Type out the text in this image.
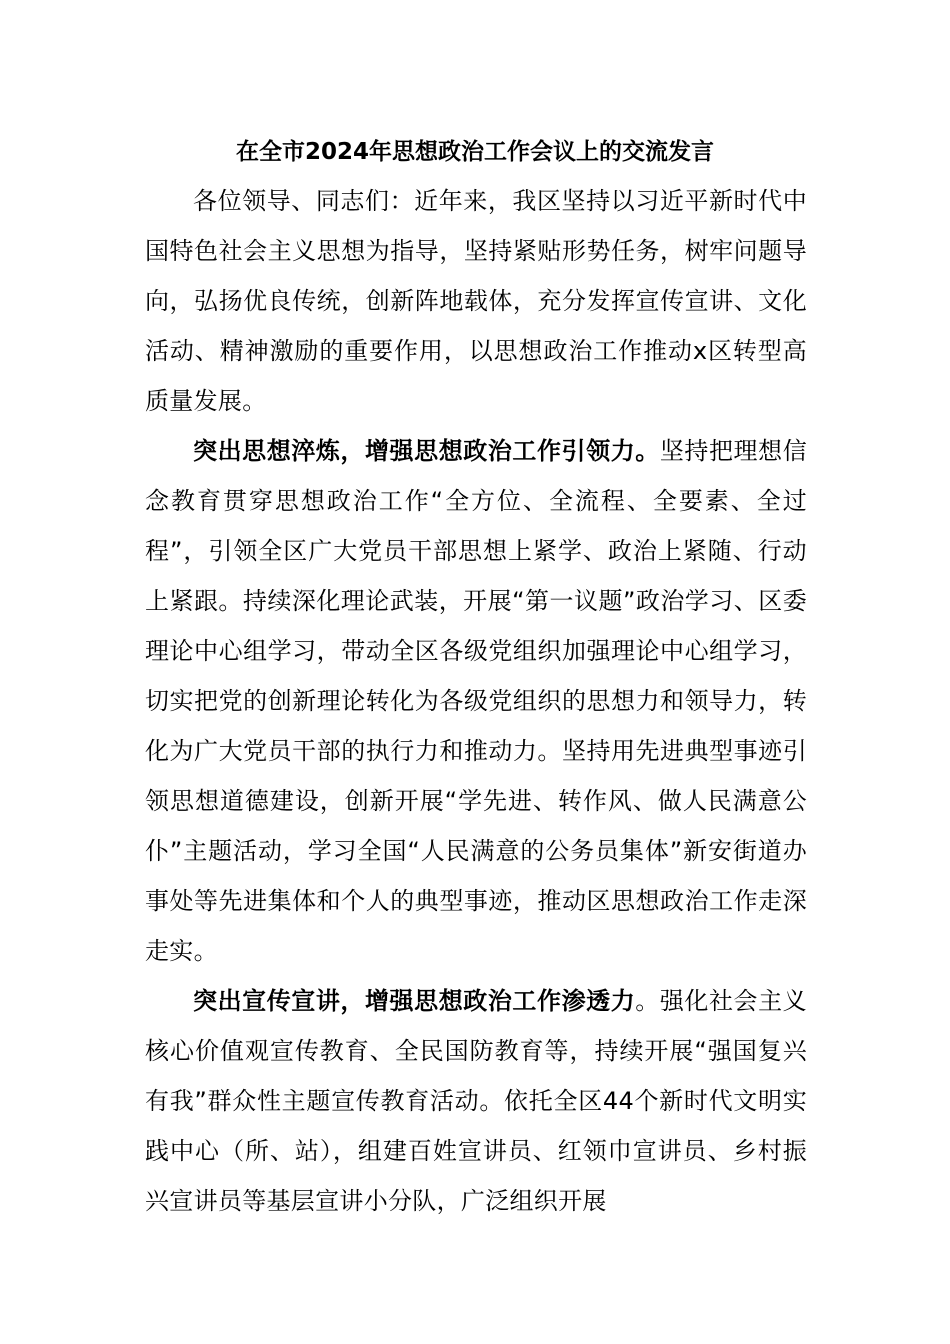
在全市2024年思想政治工作会议上的交流发言

各位领导、同志们：近年来，我区坚持以习近平新时代中国特色社会主义思想为指导，坚持紧贴形势任务，树牢问题导向，弘扬优良传统，创新阵地载体，充分发挥宣传宣讲、文化活动、精神激励的重要作用，以思想政治工作推动x区转型高质量发展。

突出思想淬炼，增强思想政治工作引领力。坚持把理想信念教育贯穿思想政治工作“全方位、全流程、全要素、全过程”，引领全区广大党员干部思想上紧学、政治上紧随、行动上紧跟。持续深化理论武装，开展“第一议题”政治学习、区委理论中心组学习，带动全区各级党组织加强理论中心组学习，切实把党的创新理论转化为各级党组织的思想力和领导力，转化为广大党员干部的执行力和推动力。坚持用先进典型事迹引领思想道德建设，创新开展“学先进、转作风、做人民满意公仆”主题活动，学习全国“人民满意的公务员集体”新安街道办事处等先进集体和个人的典型事迹，推动区思想政治工作走深走实。

突出宣传宣讲，增强思想政治工作渗透力。强化社会主义核心价值观宣传教育、全民国防教育等，持续开展“强国复兴有我”群众性主题宣传教育活动。依托全区44个新时代文明实践中心（所、站），组建百姓宣讲员、红领巾宣讲员、乡村振兴宣讲员等基层宣讲小分队，广泛组织开展
